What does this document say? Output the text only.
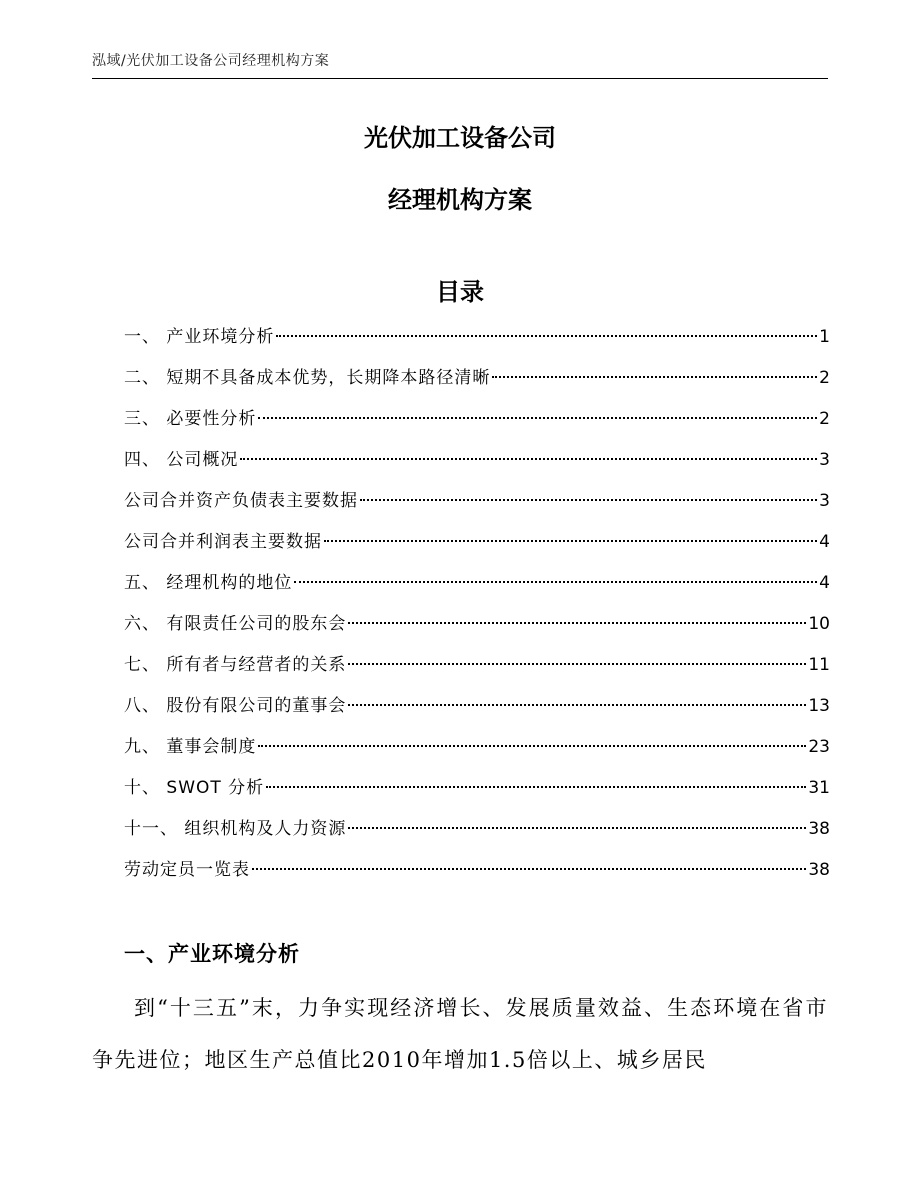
泓域/光伏加工设备公司经理机构方案
光伏加工设备公司
经理机构方案
目录
一、 产业环境分析	1
二、 短期不具备成本优势，长期降本路径清晰	2
三、 必要性分析	2
四、 公司概况	3
公司合并资产负债表主要数据	3
公司合并利润表主要数据	4
五、 经理机构的地位	4
六、 有限责任公司的股东会	10
七、 所有者与经营者的关系	11
八、 股份有限公司的董事会	13
九、 董事会制度	23
十、 SWOT 分析	31
十一、 组织机构及人力资源	38
劳动定员一览表	38
一、产业环境分析

到“十三五”末，力争实现经济增长、发展质量效益、生态环境在省市争先进位；地区生产总值比2010年增加1.5倍以上、城乡居民
